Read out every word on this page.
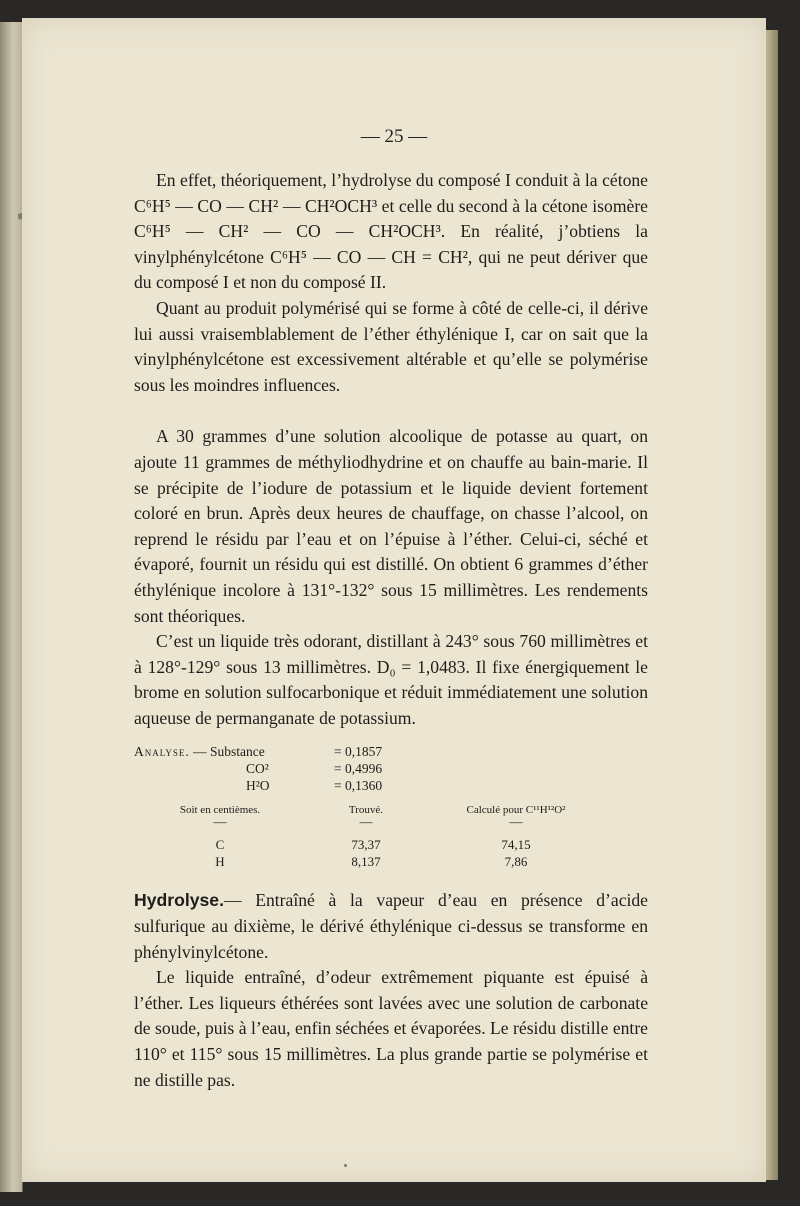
— 25 —

En effet, théoriquement, l’hydrolyse du composé I conduit à la cétone C⁶H⁵ — CO — CH² — CH²OCH³ et celle du second à la cétone isomère C⁶H⁵ — CH² — CO — CH²OCH³. En réalité, j’obtiens la vinylphénylcétone C⁶H⁵ — CO — CH = CH², qui ne peut dériver que du composé I et non du composé II.

Quant au produit polymérisé qui se forme à côté de celle-ci, il dérive lui aussi vraisemblablement de l’éther éthylénique I, car on sait que la vinylphénylcétone est excessivement altérable et qu’elle se polymérise sous les moindres influences.

A 30 grammes d’une solution alcoolique de potasse au quart, on ajoute 11 grammes de méthyliodhydrine et on chauffe au bain-marie. Il se précipite de l’iodure de potassium et le liquide devient fortement coloré en brun. Après deux heures de chauffage, on chasse l’alcool, on reprend le résidu par l’eau et on l’épuise à l’éther. Celui-ci, séché et évaporé, fournit un résidu qui est distillé. On obtient 6 grammes d’éther éthylénique incolore à 131°-132° sous 15 millimètres. Les rendements sont théoriques.

C’est un liquide très odorant, distillant à 243° sous 760 millimètres et à 128°-129° sous 13 millimètres. D₀ = 1,0483. Il fixe énergiquement le brome en solution sulfocarbonique et réduit immédiatement une solution aqueuse de permanganate de potassium.

Analyse. — Substance	= 0,1857
CO²	= 0,4996
H²O	= 0,1360
Soit en centièmes.	Trouvé.	Calculé pour C¹¹H¹²O²
—	—	—
C	73,37	74,15
H	8,137	7,86

Hydrolyse.— Entraîné à la vapeur d’eau en présence d’acide sulfurique au dixième, le dérivé éthylénique ci-dessus se transforme en phénylvinylcétone.

Le liquide entraîné, d’odeur extrêmement piquante est épuisé à l’éther. Les liqueurs éthérées sont lavées avec une solution de carbonate de soude, puis à l’eau, enfin séchées et évaporées. Le résidu distille entre 110° et 115° sous 15 millimètres. La plus grande partie se polymérise et ne distille pas.
